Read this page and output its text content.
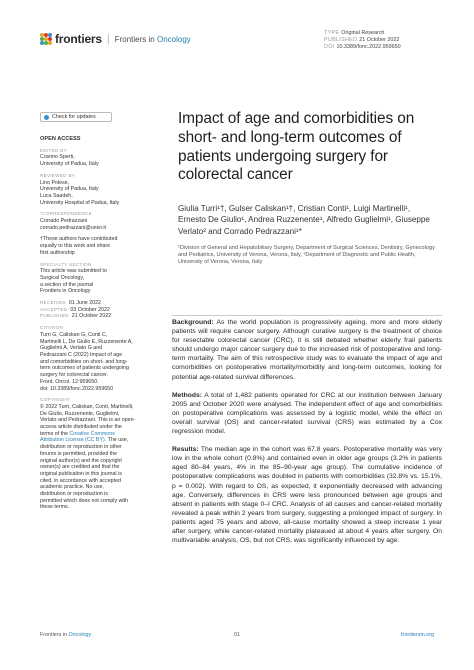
frontiers | Frontiers in Oncology
TYPE Original Research
PUBLISHED 21 October 2022
DOI 10.3389/fonc.2022.959650
Check for updates
OPEN ACCESS
EDITED BY
Cosimo Sperti,
University of Padua, Italy
REVIEWED BY
Lino Polese,
University of Padua, Italy
Luca Saadeh,
University Hospital of Padua, Italy
*CORRESPONDENCE
Corrado Pedrazzani
corrado.pedrazzani@univr.it
†These authors have contributed
equally to this work and share
first authorship
SPECIALTY SECTION
This article was submitted to
Surgical Oncology,
a section of the journal
Frontiers in Oncology
RECEIVED 01 June 2022
ACCEPTED 03 October 2022
PUBLISHED 21 October 2022
CITATION
Turri G, Caliskan G, Conti C,
Martinelli L, De Giulio E, Ruzzenente A,
Guglielmi A, Verlato G and
Pedrazzani C (2022) Impact of age
and comorbidities on short- and long-
term outcomes of patients undergoing
surgery for colorectal cancer.
Front. Oncol. 12:959650.
doi: 10.3389/fonc.2022.959650
COPYRIGHT
© 2022 Turri, Caliskan, Conti, Martinelli,
De Giulio, Ruzzenente, Guglielmi,
Verlato and Pedrazzani. This is an open-
access article distributed under the
terms of the Creative Commons
Attribution License (CC BY). The use,
distribution or reproduction in other
forums is permitted, provided the
original author(s) and the copyright
owner(s) are credited and that the
original publication in this journal is
cited, in accordance with accepted
academic practice. No use,
distribution or reproduction is
permitted which does not comply with
these terms.
Impact of age and comorbidities on short- and long-term outcomes of patients undergoing surgery for colorectal cancer
Giulia Turri¹†, Gulser Caliskan¹†, Cristian Conti¹, Luigi Martinelli¹, Ernesto De Giulio¹, Andrea Ruzzenente¹, Alfredo Guglielmi¹, Giuseppe Verlato² and Corrado Pedrazzani¹*
¹Division of General and Hepatobiliary Surgery, Department of Surgical Sciences, Dentistry, Gynecology and Pediatrics, University of Verona, Verona, Italy, ²Department of Diagnostic and Public Health, University of Verona, Verona, Italy

Background: As the world population is progressively ageing, more and more elderly patients will require cancer surgery. Although curative surgery is the treatment of choice for resectable colorectal cancer (CRC), it is still debated whether elderly frail patients should undergo major cancer surgery due to the increased risk of postoperative and long-term mortality. The aim of this retrospective study was to evaluate the impact of age and comorbidities on postoperative mortality/morbidity and long-term outcomes, looking for potential age-related survival differences.

Methods: A total of 1,482 patients operated for CRC at our institution between January 2005 and October 2020 were analysed. The independent effect of age and comorbidities on postoperative complications was assessed by a logistic model, while the effect on overall survival (OS) and cancer-related survival (CRS) was estimated by a Cox regression model.

Results: The median age in the cohort was 67.8 years. Postoperative mortality was very low in the whole cohort (0.8%) and contained even in older age groups (3.2% in patients aged 80–84 years, 4% in the 85–90-year age group). The cumulative incidence of postoperative complications was doubled in patients with comorbidities (32.8% vs. 15.1%, p = 0.002). With regard to OS, as expected, it exponentially decreased with advancing age. Conversely, differences in CRS were less pronounced between age groups and absent in patients with stage 0–I CRC. Analysis of all causes and cancer-related mortality revealed a peak within 2 years from surgery, suggesting a prolonged impact of surgery. In patients aged 75 years and above, all-cause mortality showed a steep increase 1 year after surgery, while cancer-related mortality plateaued at about 4 years after surgery. On multivariable analysis, OS, but not CRS, was significantly influenced by age.

Frontiers in Oncology	01	frontiersin.org
